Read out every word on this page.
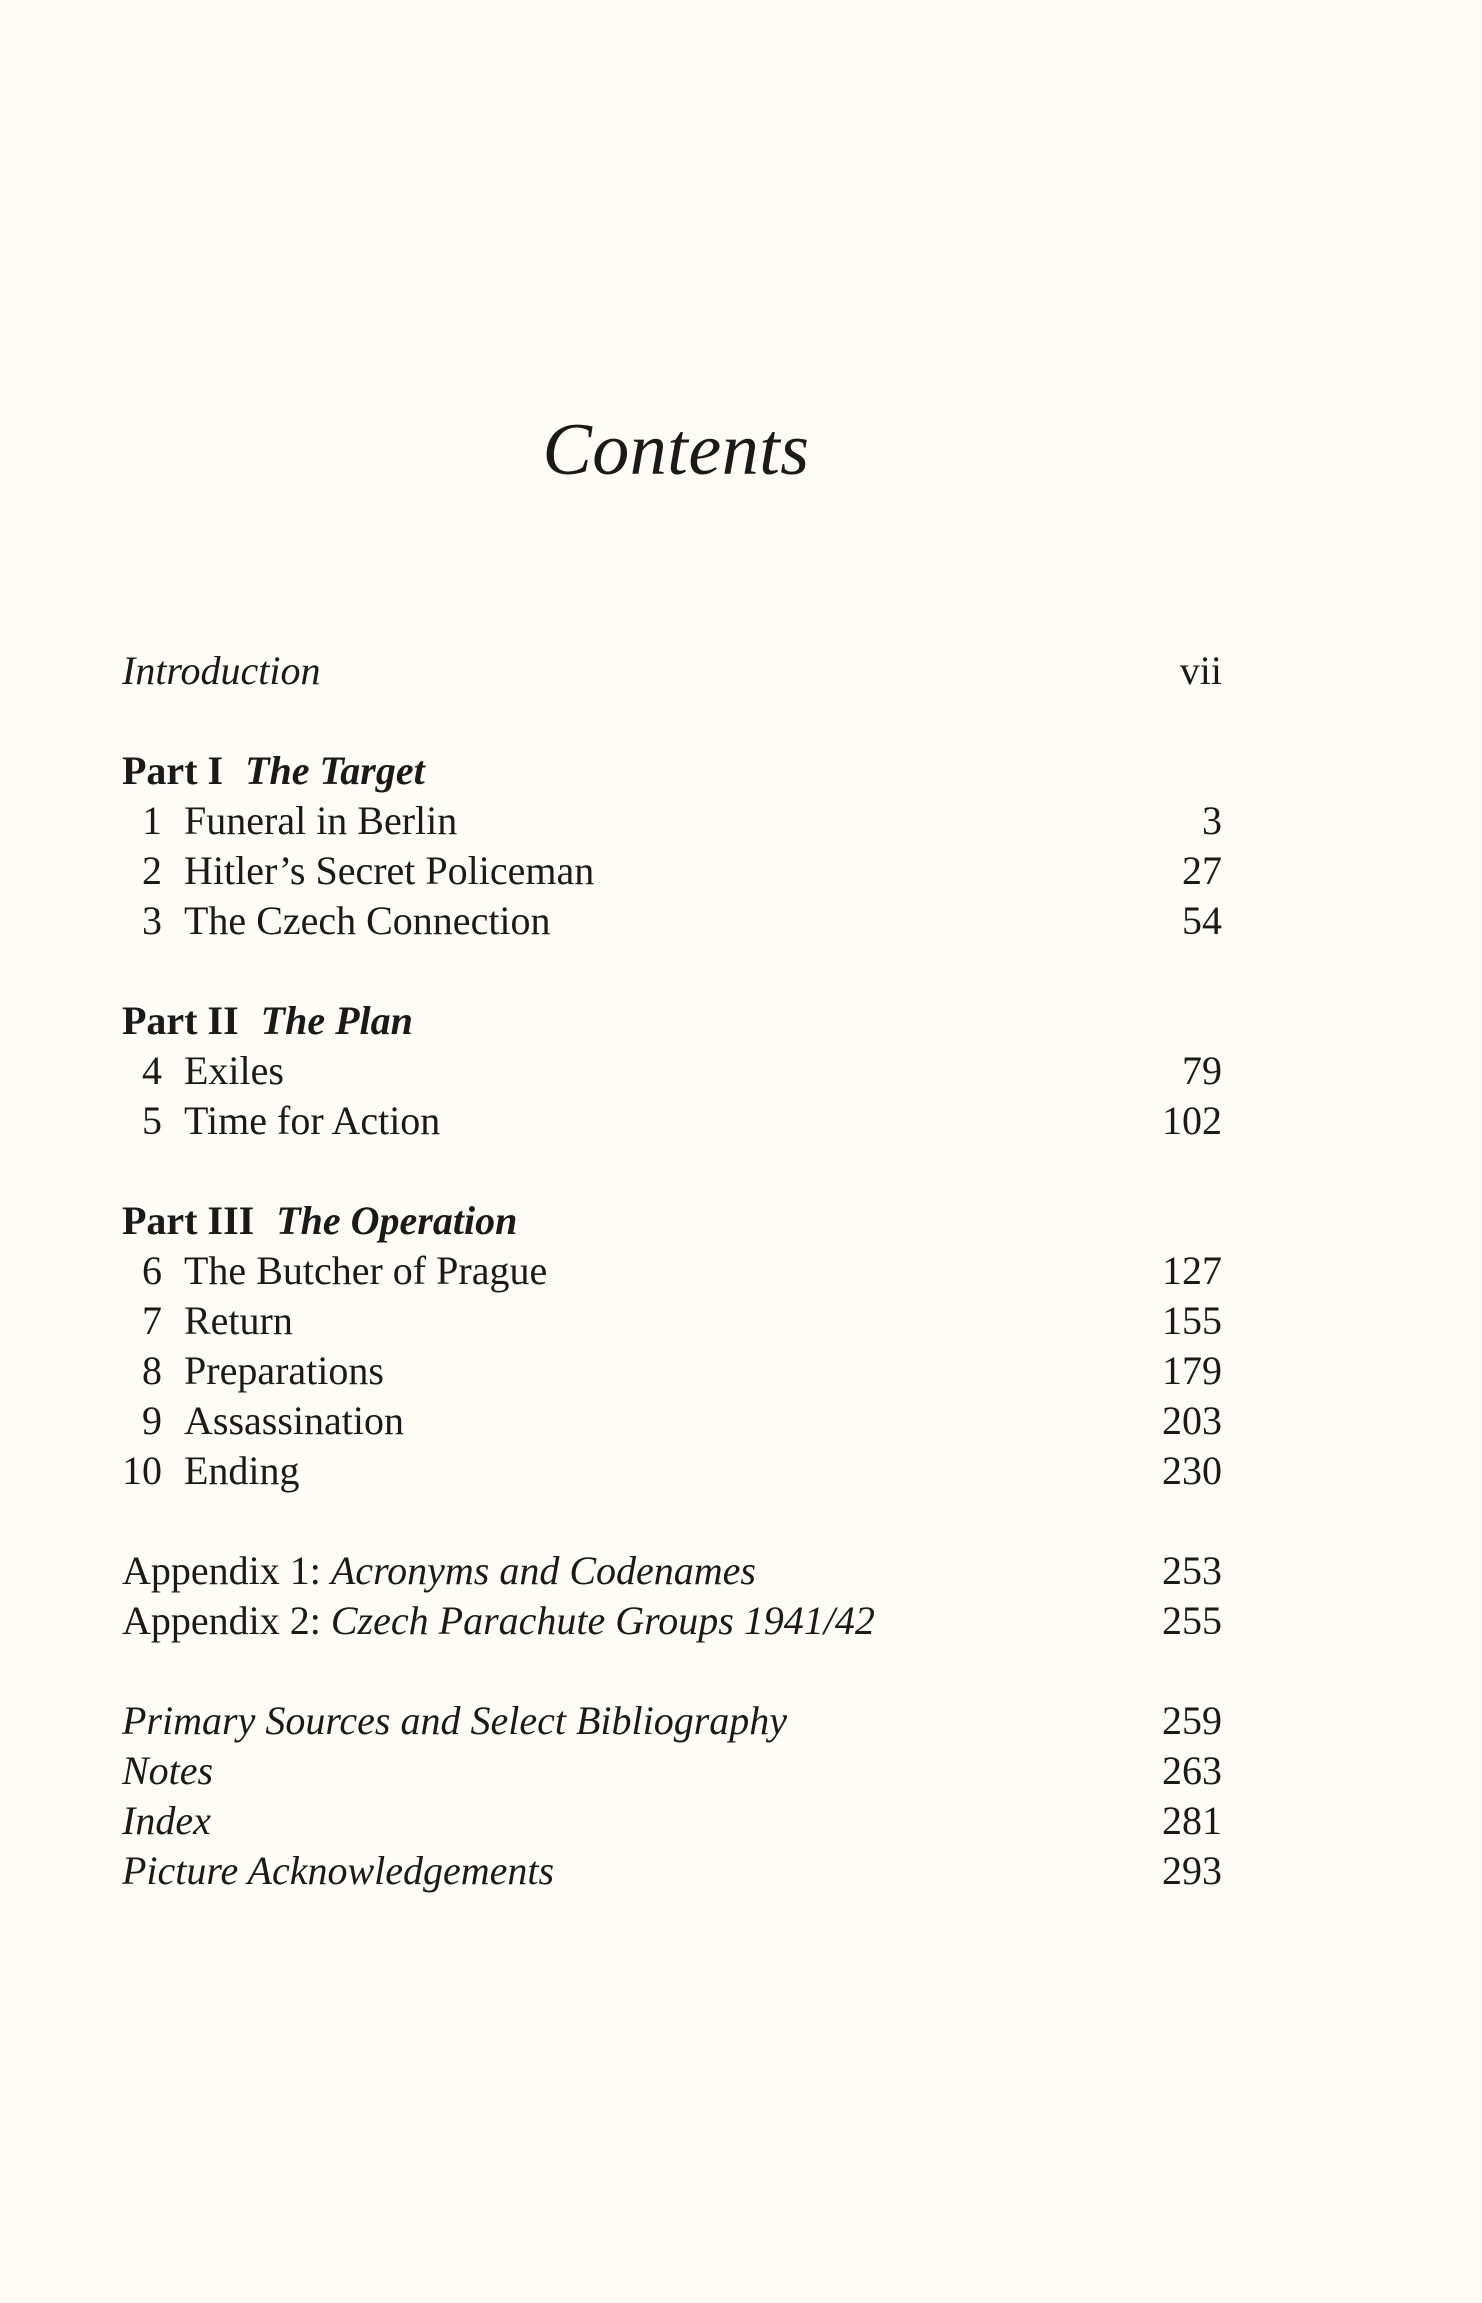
Contents
Introduction	vii
Part I The Target
1 Funeral in Berlin	3
2 Hitler’s Secret Policeman	27
3 The Czech Connection	54
Part II The Plan
4 Exiles	79
5 Time for Action	102
Part III The Operation
6 The Butcher of Prague	127
7 Return	155
8 Preparations	179
9 Assassination	203
10 Ending	230
Appendix 1: Acronyms and Codenames	253
Appendix 2: Czech Parachute Groups 1941/42	255
Primary Sources and Select Bibliography	259
Notes	263
Index	281
Picture Acknowledgements	293
